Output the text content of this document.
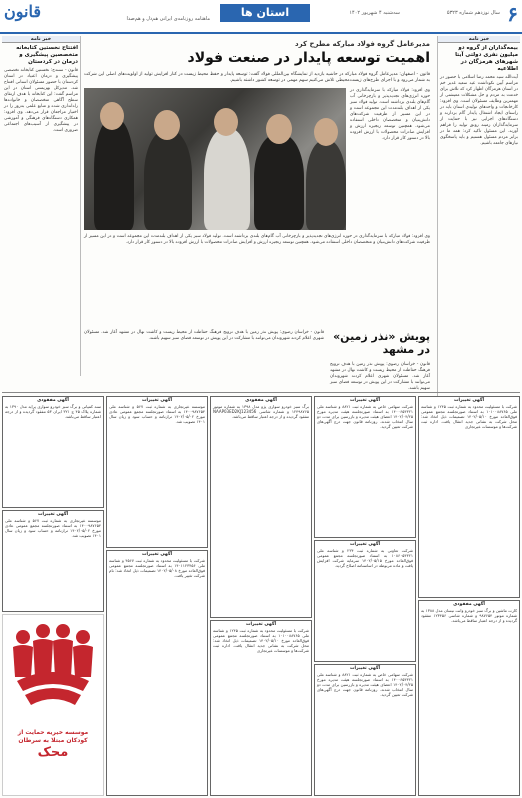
قانون	استان ها	۶
سال نوزدهم شماره ۵۳۲۳
سه‌شنبه ۴ شهریور ۱۴۰۲
ماهنامه روزنامه‌ی ایرانی هم‌دل و هم‌صدا
خبر نامه
بیمه‌گذاران از گروه دو میلیون نفری دولتی آیتا شهرهای هرمزگان در اطلاعیه
آیت‌الله سید محمد رضا اسلامی با حضور در مراسم آیین نکوداشت عید سعید غدیر خم در استان هرمزگان اظهار کرد که تلاش برای خدمت به مردم و حل مشکلات معیشتی از مهمترین وظایف مسئولان است. وی افزود: کارخانجات و واحدهای تولیدی استان باید در راستای ایجاد اشتغال پایدار گام بردارند و دستگاه‌های اجرایی نیز با حمایت از سرمایه‌گذاران زمینه رونق تولید را فراهم آورند. این مسئول تاکید کرد: همه ما در برابر مردم مسئول هستیم و باید پاسخگوی نیازهای جامعه باشیم.
مدیرعامل گروه فولاد مبارکه مطرح کرد
اهمیت توسعه پایدار در صنعت فولاد
قانون - اصفهان: مدیرعامل گروه فولاد مبارکه در حاشیه بازدید از نمایشگاه بین‌المللی فولاد گفت: توسعه پایدار و حفظ محیط زیست در کنار افزایش تولید از اولویت‌های اصلی این شرکت به شمار می‌رود و با اجرای طرح‌های زیست‌محیطی تلاش می‌کنیم سهم مهمی در توسعه کشور داشته باشیم.
وی افزود: فولاد مبارکه با سرمایه‌گذاری در حوزه انرژی‌های تجدیدپذیر و بازچرخانی آب گام‌های بلندی برداشته است. تولید فولاد سبز یکی از اهداف بلندمدت این مجموعه است و در این مسیر از ظرفیت شرکت‌های دانش‌بنیان و متخصصان داخلی استفاده می‌شود. همچنین توسعه زنجیره ارزش و افزایش صادرات محصولات با ارزش افزوده بالا در دستور کار قرار دارد.
وی افزود: فولاد مبارکه با سرمایه‌گذاری در حوزه انرژی‌های تجدیدپذیر و بازچرخانی آب گام‌های بلندی برداشته است. تولید فولاد سبز یکی از اهداف بلندمدت این مجموعه است و در این مسیر از ظرفیت شرکت‌های دانش‌بنیان و متخصصان داخلی استفاده می‌شود. همچنین توسعه زنجیره ارزش و افزایش صادرات محصولات با ارزش افزوده بالا در دستور کار قرار دارد.
خبر نامه
افتتاح نخستین کتابخانه متخصصین پیشگیری و درمان در کردستان
قانون - سنندج: نخستین کتابخانه تخصصی پیشگیری و درمان اعتیاد در استان کردستان با حضور مسئولان استانی افتتاح شد. مدیرکل بهزیستی استان در این مراسم گفت: این کتابخانه با هدف ارتقای سطح آگاهی متخصصان و خانواده‌ها راه‌اندازی شده و منابع علمی به‌روز را در اختیار مراجعان قرار می‌دهد. وی افزود: همکاری دستگاه‌های فرهنگی و آموزشی در پیشگیری از آسیب‌های اجتماعی ضروری است.
پویش «نذر زمین» در مشهد
قانون - خراسان رضوی: پویش نذر زمین با هدف ترویج فرهنگ حفاظت از محیط زیست و کاشت نهال در مشهد آغاز شد. مسئولان شهری اعلام کردند شهروندان می‌توانند با مشارکت در این پویش در توسعه فضای سبز سهیم باشند.
قانون - خراسان رضوی: پویش نذر زمین با هدف ترویج فرهنگ حفاظت از محیط زیست و کاشت نهال در مشهد آغاز شد. مسئولان شهری اعلام کردند شهروندان می‌توانند با مشارکت در این پویش در توسعه فضای سبز سهیم باشند.
آگهی تغییرات
شرکت با مسئولیت محدود به شماره ثبت ۱۲۴۵ و شناسه ملی ۱۰۱۰۰۸۸۷۶۵ به استناد صورتجلسه مجمع عمومی فوق‌العاده مورخ ۱۴۰۲/۰۵/۱۰ تصمیمات ذیل اتخاذ شد: محل شرکت به نشانی جدید انتقال یافت. اداره ثبت شرکت‌ها و موسسات غیرتجاری
آگهی تغییرات
شرکت سهامی خاص به شماره ثبت ۸۸۲۱ و شناسه ملی ۱۴۰۰۶۵۴۳۲۱ به استناد صورتجلسه هیئت مدیره مورخ ۱۴۰۲/۰۴/۲۵ اعضای هیئت مدیره و بازرسین برای مدت دو سال انتخاب شدند. روزنامه قانون جهت درج آگهی‌های شرکت تعیین گردید.
آگهی مفقودی
برگ سبز خودرو سواری پژو مدل ۱۳۹۸ به شماره موتور ۱۲۴۹۸۷۶۵ و شماره شاسی NAAP03ED2KJ123456 مفقود گردیده و از درجه اعتبار ساقط می‌باشد.
آگهی تغییرات
موسسه غیرتجاری به شماره ثبت ۵۶۷ و شناسه ملی ۱۴۰۰۹۸۷۶۵۴ به استناد صورتجلسه مجمع عمومی عادی مورخ ۱۴۰۲/۰۵/۰۲ ترازنامه و حساب سود و زیان سال ۱۴۰۱ تصویب شد.
آگهی مفقودی
سند کمپانی و برگ سبز خودرو سواری پراید مدل ۱۳۹۰ به شماره پلاک ۴۵ ج ۳۲۱ ایران ۵۳ مفقود گردیده و از درجه اعتبار ساقط می‌باشد.
آگهی تغییرات
شرکت تعاونی به شماره ثبت ۲۳۴ و شناسه ملی ۱۰۸۶۰۵۴۳۲۱ به استناد صورتجلسه مجمع عمومی فوق‌العاده مورخ ۱۴۰۲/۰۵/۱۵ سرمایه شرکت افزایش یافت و ماده مربوطه در اساسنامه اصلاح گردید.
آگهی مفقودی
کارت ماشین و برگ سبز خودرو وانت نیسان مدل ۱۳۸۸ به شماره موتور ۹۸۷۶۵۴ و شماره شاسی ۱۲۳۴۵۶ مفقود گردیده و از درجه اعتبار ساقط می‌باشد.
آگهی تغییرات
شرکت با مسئولیت محدود به شماره ثبت ۴۵۶۷ و شناسه ملی ۱۴۰۱۱۲۳۴۵۶ به استناد صورتجلسه مجمع عمومی فوق‌العاده مورخ ۱۴۰۲/۰۵/۰۸ تصمیمات ذیل اتخاذ شد: نام شرکت تغییر یافت.
آگهی تغییرات
شرکت با مسئولیت محدود به شماره ثبت ۱۲۴۵ و شناسه ملی ۱۰۱۰۰۸۸۷۶۵ به استناد صورتجلسه مجمع عمومی فوق‌العاده مورخ ۱۴۰۲/۰۵/۱۰ تصمیمات ذیل اتخاذ شد: محل شرکت به نشانی جدید انتقال یافت. اداره ثبت شرکت‌ها و موسسات غیرتجاری
آگهی تغییرات
شرکت سهامی خاص به شماره ثبت ۸۸۲۱ و شناسه ملی ۱۴۰۰۶۵۴۳۲۱ به استناد صورتجلسه هیئت مدیره مورخ ۱۴۰۲/۰۴/۲۵ اعضای هیئت مدیره و بازرسین برای مدت دو سال انتخاب شدند. روزنامه قانون جهت درج آگهی‌های شرکت تعیین گردید.
آگهی تغییرات
موسسه غیرتجاری به شماره ثبت ۵۶۷ و شناسه ملی ۱۴۰۰۹۸۷۶۵۴ به استناد صورتجلسه مجمع عمومی عادی مورخ ۱۴۰۲/۰۵/۰۲ ترازنامه و حساب سود و زیان سال ۱۴۰۱ تصویب شد.
موسسه خیریه حمایت از کودکان مبتلا به سرطان
محک
